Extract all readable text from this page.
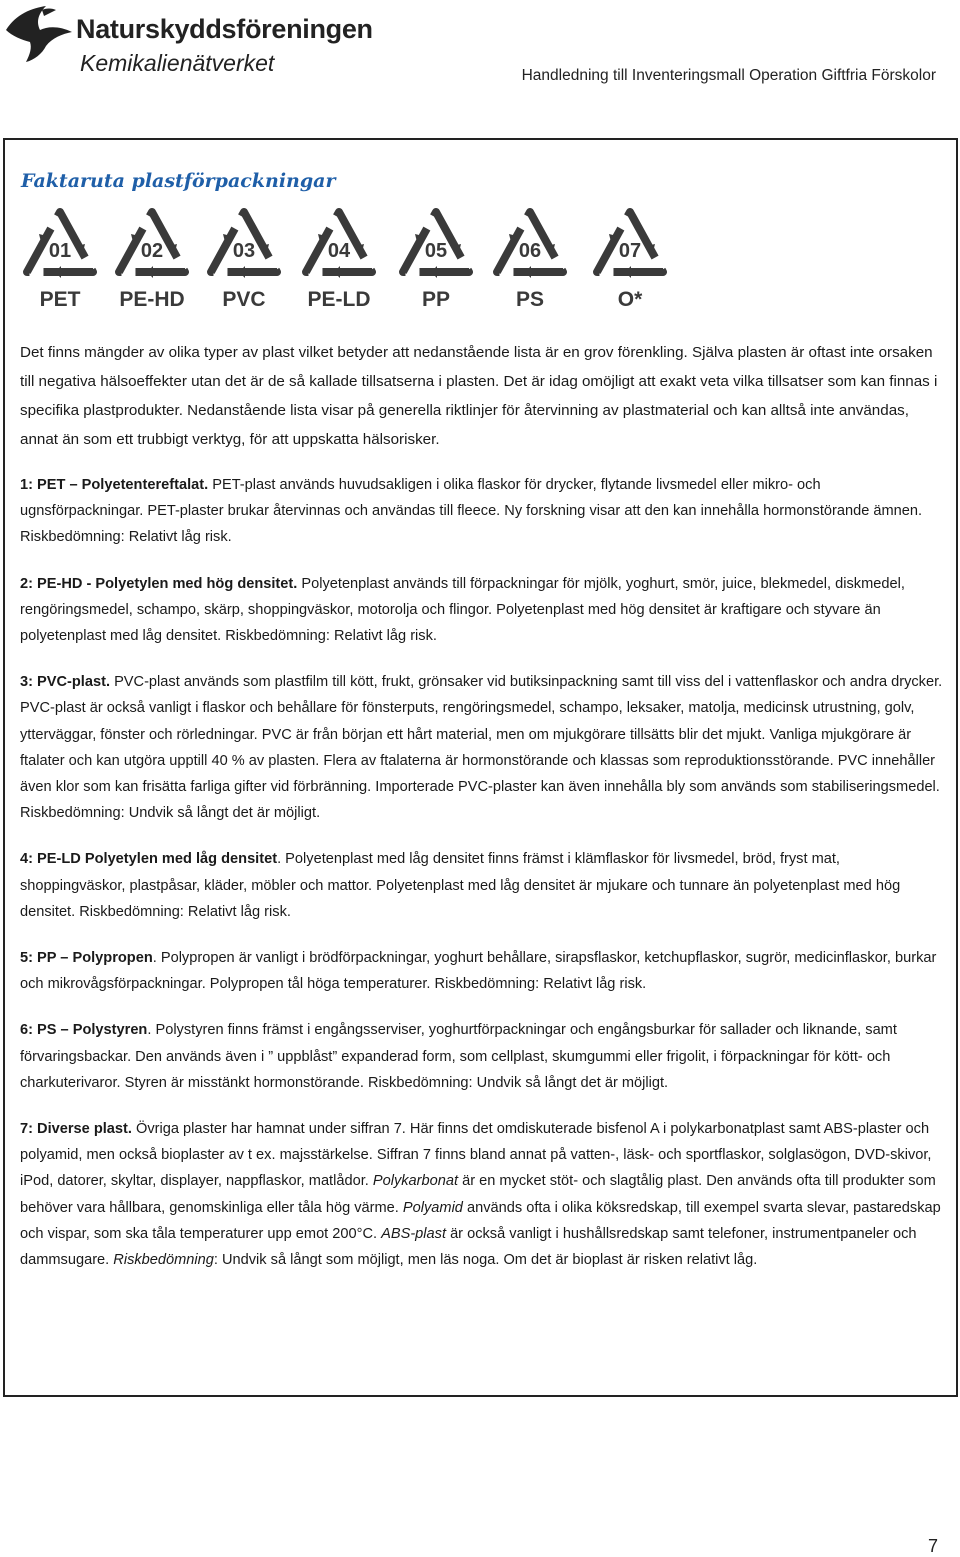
Naturskyddsföreningen
Kemikalienätverket	Handledning till Inventeringsmall Operation Giftfria Förskolor
Faktaruta plastförpackningar
01
PET
02
PE-HD
03
PVC
04
PE-LD
05
PP
06
PS
07
O*

Det finns mängder av olika typer av plast vilket betyder att nedanstående lista är en grov förenkling. Själva plasten är oftast inte orsaken till negativa hälsoeffekter utan det är de så kallade tillsatserna i plasten. Det är idag omöjligt att exakt veta vilka tillsatser som kan finnas i specifika plastprodukter. Nedanstående lista visar på generella riktlinjer för återvinning av plastmaterial och kan alltså inte användas, annat än som ett trubbigt verktyg, för att uppskatta hälsorisker.

1: PET – Polyetentereftalat. PET-plast används huvudsakligen i olika flaskor för drycker, flytande livsmedel eller mikro- och ugnsförpackningar. PET-plaster brukar återvinnas och användas till fleece. Ny forskning visar att den kan innehålla hormonstörande ämnen. Riskbedömning: Relativt låg risk.

2: PE-HD - Polyetylen med hög densitet. Polyetenplast används till förpackningar för mjölk, yoghurt, smör, juice, blekmedel, diskmedel, rengöringsmedel, schampo, skärp, shoppingväskor, motorolja och flingor. Polyetenplast med hög densitet är kraftigare och styvare än polyetenplast med låg densitet. Riskbedömning: Relativt låg risk.

3: PVC-plast. PVC-plast används som plastfilm till kött, frukt, grönsaker vid butiksinpackning samt till viss del i vattenflaskor och andra drycker. PVC-plast är också vanligt i flaskor och behållare för fönsterputs, rengöringsmedel, schampo, leksaker, matolja, medicinsk utrustning, golv, ytterväggar, fönster och rörledningar. PVC är från början ett hårt material, men om mjukgörare tillsätts blir det mjukt. Vanliga mjukgörare är ftalater och kan utgöra upptill 40 % av plasten. Flera av ftalaterna är hormonstörande och klassas som reproduktionsstörande. PVC innehåller även klor som kan frisätta farliga gifter vid förbränning. Importerade PVC-plaster kan även innehålla bly som används som stabiliseringsmedel. Riskbedömning: Undvik så långt det är möjligt.

4: PE-LD Polyetylen med låg densitet. Polyetenplast med låg densitet finns främst i klämflaskor för livsmedel, bröd, fryst mat, shoppingväskor, plastpåsar, kläder, möbler och mattor. Polyetenplast med låg densitet är mjukare och tunnare än polyetenplast med hög densitet. Riskbedömning: Relativt låg risk.

5: PP – Polypropen. Polypropen är vanligt i brödförpackningar, yoghurt behållare, sirapsflaskor, ketchupflaskor, sugrör, medicinflaskor, burkar och mikrovågsförpackningar. Polypropen tål höga temperaturer. Riskbedömning: Relativt låg risk.

6: PS – Polystyren. Polystyren finns främst i engångsserviser, yoghurtförpackningar och engångsburkar för sallader och liknande, samt förvaringsbackar. Den används även i ” uppblåst” expanderad form, som cellplast, skumgummi eller frigolit, i förpackningar för kött- och charkuterivaror. Styren är misstänkt hormonstörande. Riskbedömning: Undvik så långt det är möjligt.

7: Diverse plast. Övriga plaster har hamnat under siffran 7. Här finns det omdiskuterade bisfenol A i polykarbonatplast samt ABS-plaster och polyamid, men också bioplaster av t ex. majsstärkelse. Siffran 7 finns bland annat på vatten-, läsk- och sportflaskor, solglasögon, DVD-skivor, iPod, datorer, skyltar, displayer, nappflaskor, matlådor. Polykarbonat är en mycket stöt- och slagtålig plast. Den används ofta till produkter som behöver vara hållbara, genomskinliga eller tåla hög värme. Polyamid används ofta i olika köksredskap, till exempel svarta slevar, pastaredskap och vispar, som ska tåla temperaturer upp emot 200°C. ABS-plast är också vanligt i hushållsredskap samt telefoner, instrumentpaneler och dammsugare. Riskbedömning: Undvik så långt som möjligt, men läs noga. Om det är bioplast är risken relativt låg.

7
